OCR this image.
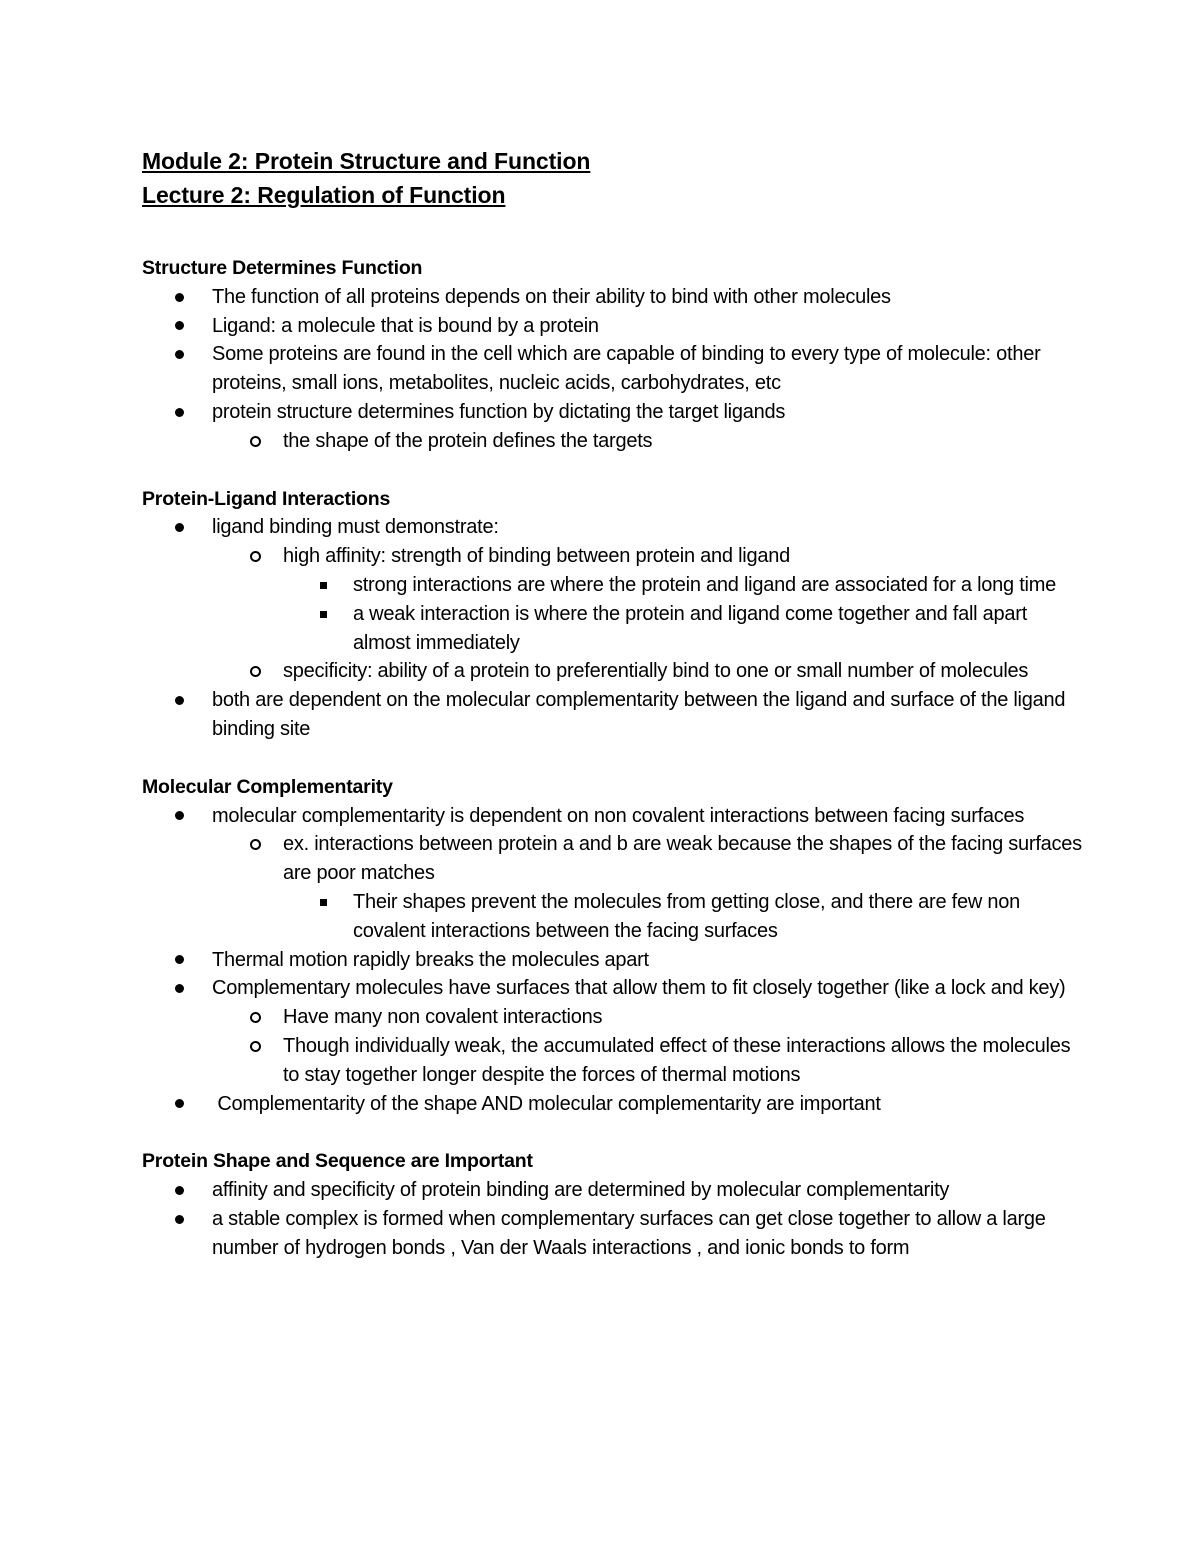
Module 2: Protein Structure and Function

Lecture 2: Regulation of Function

Structure Determines Function

The function of all proteins depends on their ability to bind with other molecules
Ligand: a molecule that is bound by a protein
Some proteins are found in the cell which are capable of binding to every type of molecule: other proteins, small ions, metabolites, nucleic acids, carbohydrates, etc
protein structure determines function by dictating the target ligands
the shape of the protein defines the targets

Protein-Ligand Interactions

ligand binding must demonstrate:
high affinity: strength of binding between protein and ligand
strong interactions are where the protein and ligand are associated for a long time
a weak interaction is where the protein and ligand come together and fall apart almost immediately
specificity: ability of a protein to preferentially bind to one or small number of molecules
both are dependent on the molecular complementarity between the ligand and surface of the ligand binding site

Molecular Complementarity

molecular complementarity is dependent on non covalent interactions between facing surfaces
ex. interactions between protein a and b are weak because the shapes of the facing surfaces are poor matches
Their shapes prevent the molecules from getting close, and there are few non covalent interactions between the facing surfaces
Thermal motion rapidly breaks the molecules apart
Complementary molecules have surfaces that allow them to fit closely together (like a lock and key)
Have many non covalent interactions
Though individually weak, the accumulated effect of these interactions allows the molecules to stay together longer despite the forces of thermal motions
Complementarity of the shape AND molecular complementarity are important

Protein Shape and Sequence are Important

affinity and specificity of protein binding are determined by molecular complementarity
a stable complex is formed when complementary surfaces can get close together to allow a large number of hydrogen bonds , Van der Waals interactions , and ionic bonds to form
